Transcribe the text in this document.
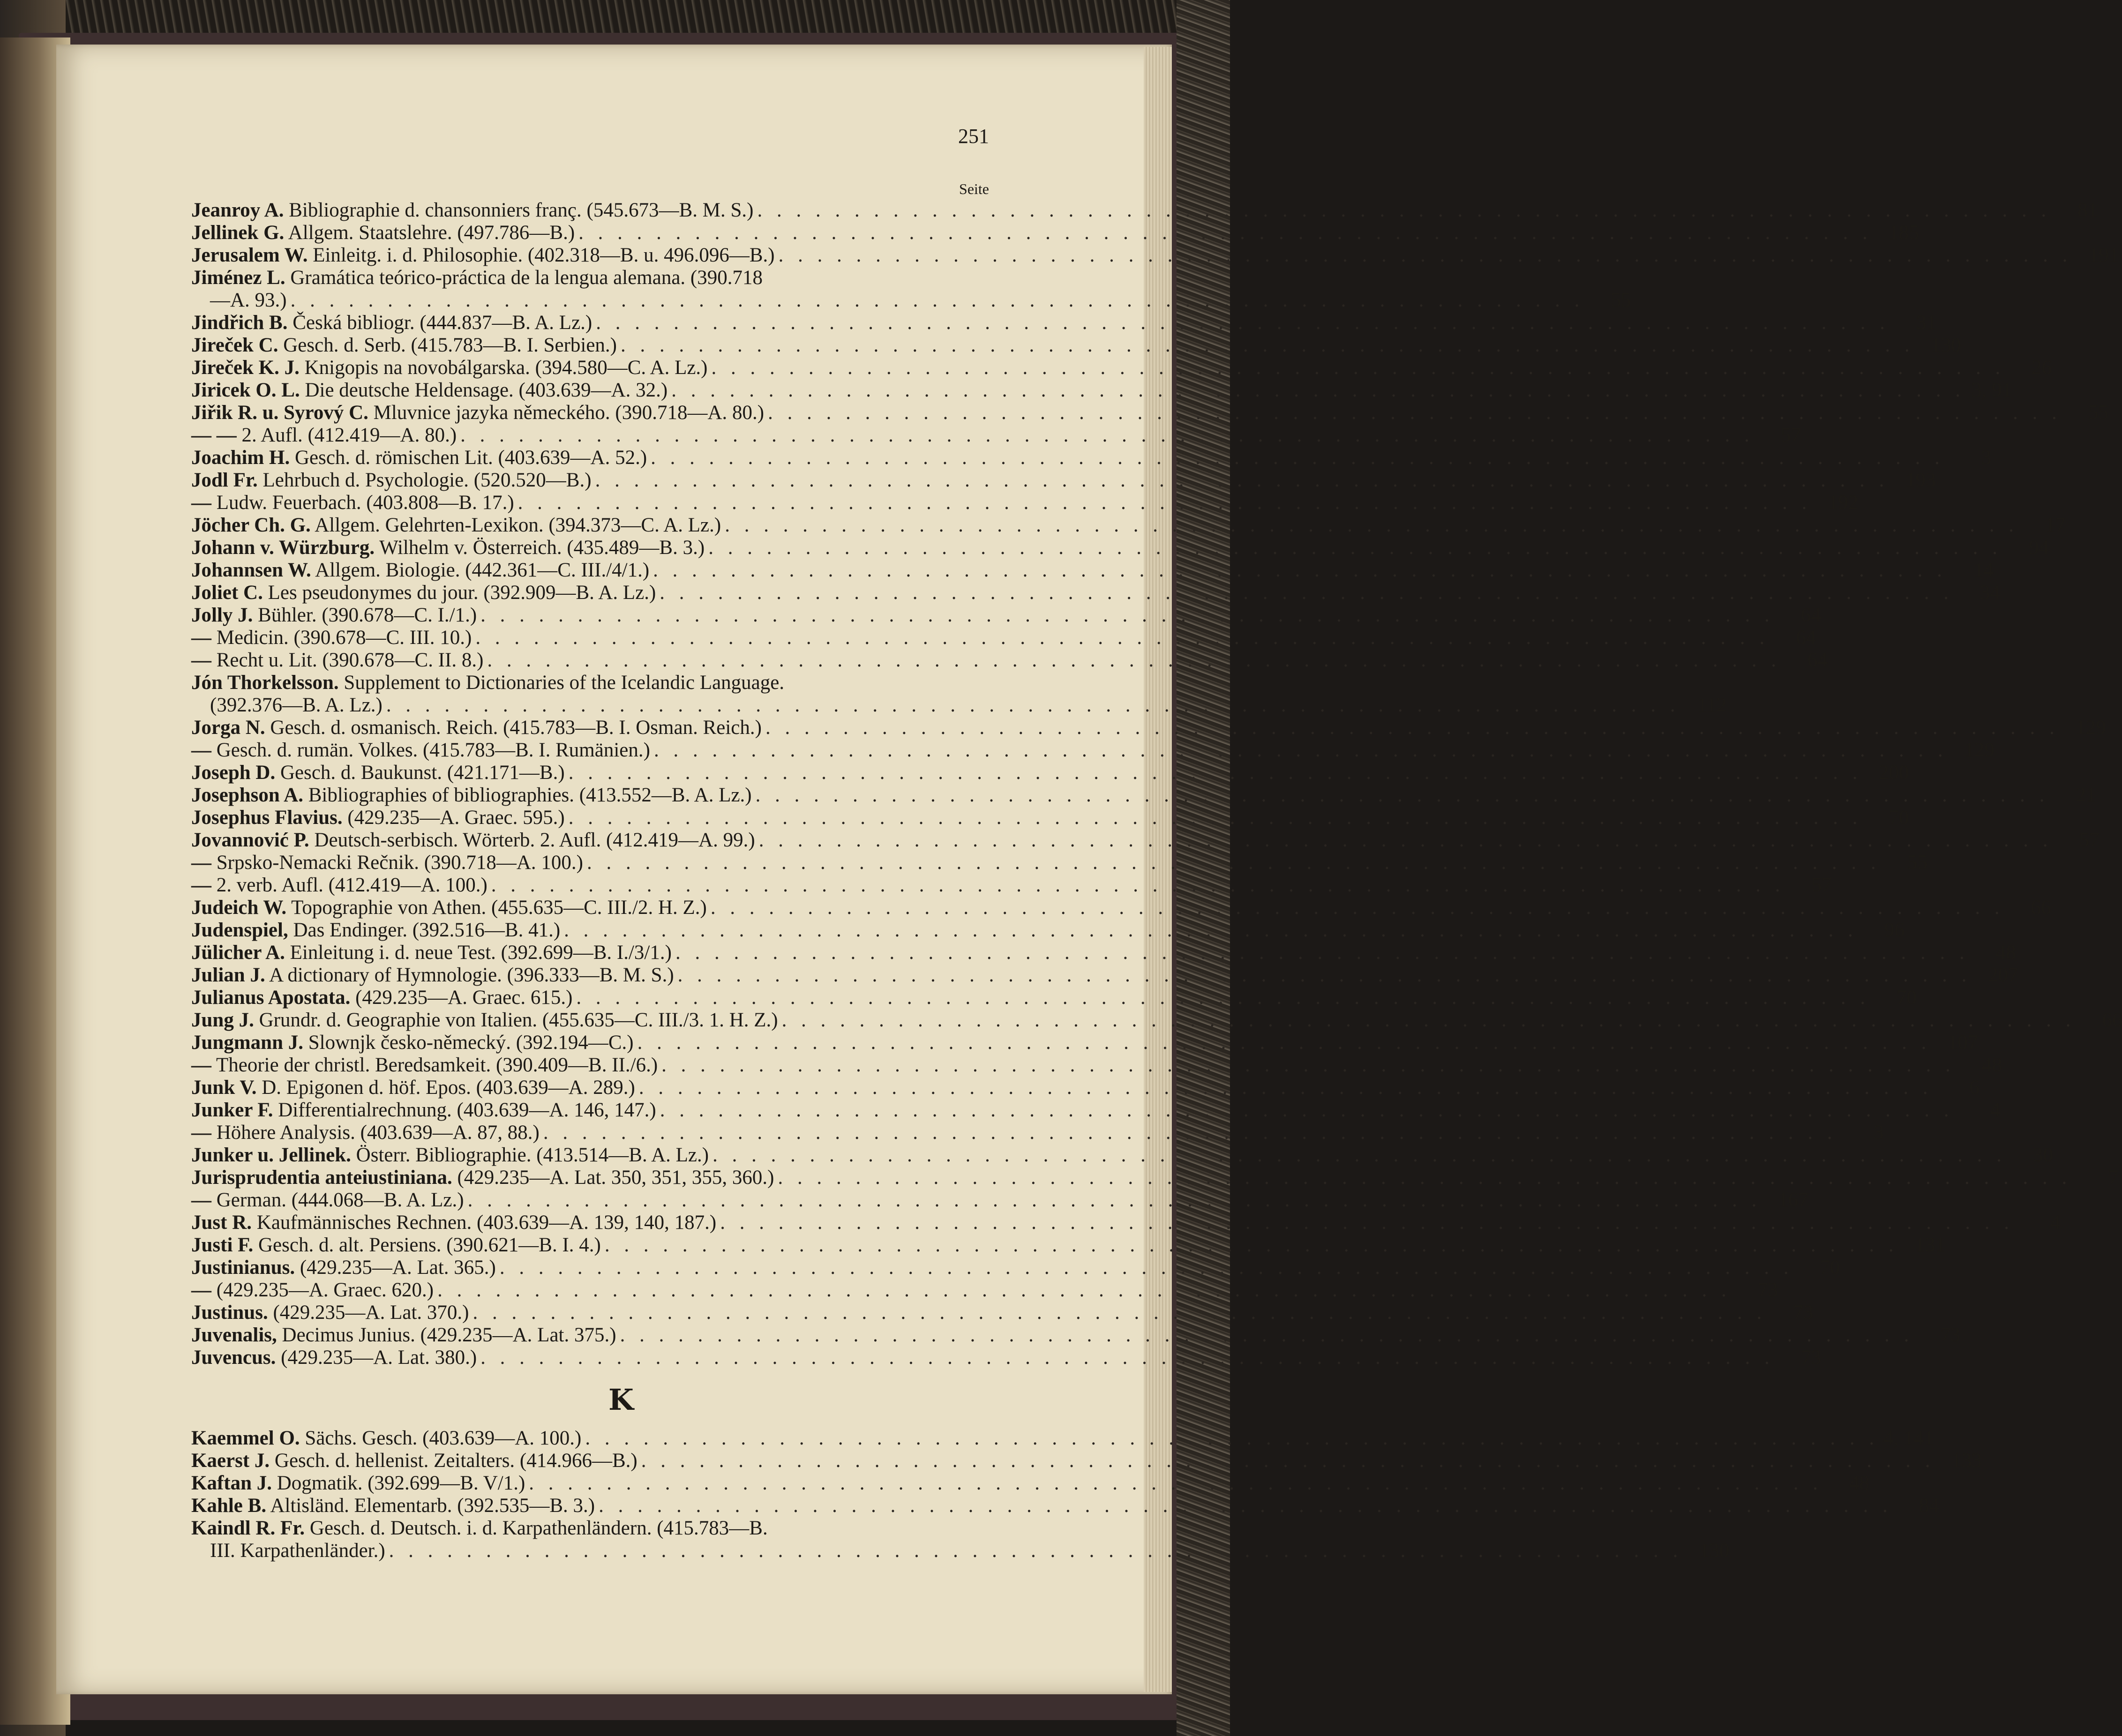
251
Seite
Jeanroy A. Bibliographie d. chansonniers franç. (545.673—B. M. S.) . . . . . . . . . . . . . . . . . . . . . . . . . . . . . . . . . . . . . . . . . . . . . . . . . . . . . . . . . . . . . . . . . . .	81
Jellinek G. Allgem. Staatslehre. (497.786—B.) . . . . . . . . . . . . . . . . . . . . . . . . . . . . . . . . . . . . . . . . . . . . . . . . . . . . . . . . . . . . . . . . . . . 185
Jerusalem W. Einleitg. i. d. Philosophie. (402.318—B. u. 496.096—B.) . . . . . . . . . . . . . . . . . . . . . . . . . . . . . . . . . . . . . . . . . . . . . . . . . . . . . . . . . . . . . . . . . . . 191
Jiménez L. Gramática teórico-práctica de la lengua alemana. (390.718
—A. 93.) . . . . . . . . . . . . . . . . . . . . . . . . . . . . . . . . . . . . . . . . . . . . . . . . . . . . . . . . . . . . . . . . . . .	55
Jindřich B. Česká bibliogr. (444.837—B. A. Lz.) . . . . . . . . . . . . . . . . . . . . . . . . . . . . . . . . . . . . . . . . . . . . . . . . . . . . . . . . . . . . . . . . . . .	31
Jireček C. Gesch. d. Serb. (415.783—B. I. Serbien.) . . . . . . . . . . . . . . . . . . . . . . . . . . . . . . . . . . . . . . . . . . . . . . . . . . . . . . . . . . . . . . . . . . . 130
Jireček K. J. Knigopis na novobálgarska. (394.580—C. A. Lz.) . . . . . . . . . . . . . . . . . . . . . . . . . . . . . . . . . . . . . . . . . . . . . . . . . . . . . . . . . . . . . . . . . . .	26
Jiricek O. L. Die deutsche Heldensage. (403.639—A. 32.) . . . . . . . . . . . . . . . . . . . . . . . . . . . . . . . . . . . . . . . . . . . . . . . . . . . . . . . . . . . . . . . . . . . 3, 91
Jiřik R. u. Syrový C. Mluvnice jazyka německého. (390.718—A. 80.) . . . . . . . . . . . . . . . . . . . . . . . . . . . . . . . . . . . . . . . . . . . . . . . . . . . . . . . . . . . . . . . . . . .	55
— — 2. Aufl. (412.419—A. 80.) . . . . . . . . . . . . . . . . . . . . . . . . . . . . . . . . . . . . . . . . . . . . . . . . . . . . . . . . . . . . . . . . . . .	57
Joachim H. Gesch. d. römischen Lit. (403.639—A. 52.) . . . . . . . . . . . . . . . . . . . . . . . . . . . . . . . . . . . . . . . . . . . . . . . . . . . . . . . . . . . . . . . . . . .	3
Jodl Fr. Lehrbuch d. Psychologie. (520.520—B.) . . . . . . . . . . . . . . . . . . . . . . . . . . . . . . . . . . . . . . . . . . . . . . . . . . . . . . . . . . . . . . . . . . . 193
— Ludw. Feuerbach. (403.808—B. 17.) . . . . . . . . . . . . . . . . . . . . . . . . . . . . . . . . . . . . . . . . . . . . . . . . . . . . . . . . . . . . . . . . . . . 192
Jöcher Ch. G. Allgem. Gelehrten-Lexikon. (394.373—C. A. Lz.) . . . . . . . . . . . . . . . . . . . . . . . . . . . . . . . . . . . . . . . . . . . . . . . . . . . . . . . . . . . . . . . . . . .	17
Johann v. Würzburg. Wilhelm v. Österreich. (435.489—B. 3.) . . . . . . . . . . . . . . . . . . . . . . . . . . . . . . . . . . . . . . . . . . . . . . . . . . . . . . . . . . . . . . . . . . .	94
Johannsen W. Allgem. Biologie. (442.361—C. III./4/1.) . . . . . . . . . . . . . . . . . . . . . . . . . . . . . . . . . . . . . . . . . . . . . . . . . . . . . . . . . . . . . . . . . . .	14
Joliet C. Les pseudonymes du jour. (392.909—B. A. Lz.) . . . . . . . . . . . . . . . . . . . . . . . . . . . . . . . . . . . . . . . . . . . . . . . . . . . . . . . . . . . . . . . . . . .	34
Jolly J. Bühler. (390.678—C. I./1.) . . . . . . . . . . . . . . . . . . . . . . . . . . . . . . . . . . . . . . . . . . . . . . . . . . . . . . . . . . . . . . . . . . .	64
— Medicin. (390.678—C. III. 10.) . . . . . . . . . . . . . . . . . . . . . . . . . . . . . . . . . . . . . . . . . . . . . . . . . . . . . . . . . . . . . . . . . . .	64
— Recht u. Lit. (390.678—C. II. 8.) . . . . . . . . . . . . . . . . . . . . . . . . . . . . . . . . . . . . . . . . . . . . . . . . . . . . . . . . . . . . . . . . . . .	64
Jón Thorkelsson. Supplement to Dictionaries of the Icelandic Language.
(392.376—B. A. Lz.) . . . . . . . . . . . . . . . . . . . . . . . . . . . . . . . . . . . . . . . . . . . . . . . . . . . . . . . . . . . . . . . . . . . 112
Jorga N. Gesch. d. osmanisch. Reich. (415.783—B. I. Osman. Reich.) . . . . . . . . . . . . . . . . . . . . . . . . . . . . . . . . . . . . . . . . . . . . . . . . . . . . . . . . . . . . . . . . . . . 129
— Gesch. d. rumän. Volkes. (415.783—B. I. Rumänien.) . . . . . . . . . . . . . . . . . . . . . . . . . . . . . . . . . . . . . . . . . . . . . . . . . . . . . . . . . . . . . . . . . . . 129
Joseph D. Gesch. d. Baukunst. (421.171—B.) . . . . . . . . . . . . . . . . . . . . . . . . . . . . . . . . . . . . . . . . . . . . . . . . . . . . . . . . . . . . . . . . . . . 200
Josephson A. Bibliographies of bibliographies. (413.552—B. A. Lz.) . . . . . . . . . . . . . . . . . . . . . . . . . . . . . . . . . . . . . . . . . . . . . . . . . . . . . . . . . . . . . . . . . . .	21
Josephus Flavius. (429.235—A. Graec. 595.) . . . . . . . . . . . . . . . . . . . . . . . . . . . . . . . . . . . . . . . . . . . . . . . . . . . . . . . . . . . . . . . . . . .	70
Jovannović P. Deutsch-serbisch. Wörterb. 2. Aufl. (412.419—A. 99.) . . . . . . . . . . . . . . . . . . . . . . . . . . . . . . . . . . . . . . . . . . . . . . . . . . . . . . . . . . . . . . . . . . .	57
— Srpsko-Nemacki Rečnik. (390.718—A. 100.) . . . . . . . . . . . . . . . . . . . . . . . . . . . . . . . . . . . . . . . . . . . . . . . . . . . . . . . . . . . . . . . . . . .	55
— 2. verb. Aufl. (412.419—A. 100.) . . . . . . . . . . . . . . . . . . . . . . . . . . . . . . . . . . . . . . . . . . . . . . . . . . . . . . . . . . . . . . . . . . .	57
Judeich W. Topographie von Athen. (455.635—C. III./2. H. Z.) . . . . . . . . . . . . . . . . . . . . . . . . . . . . . . . . . . . . . . . . . . . . . . . . . . . . . . . . . . . . . . . . . . .	66
Judenspiel, Das Endinger. (392.516—B. 41.) . . . . . . . . . . . . . . . . . . . . . . . . . . . . . . . . . . . . . . . . . . . . . . . . . . . . . . . . . . . . . . . . . . .	96
Jülicher A. Einleitung i. d. neue Test. (392.699—B. I./3/1.) . . . . . . . . . . . . . . . . . . . . . . . . . . . . . . . . . . . . . . . . . . . . . . . . . . . . . . . . . . . . . . . . . . .	48
Julian J. A dictionary of Hymnologie. (396.333—B. M. S.) . . . . . . . . . . . . . . . . . . . . . . . . . . . . . . . . . . . . . . . . . . . . . . . . . . . . . . . . . . . . . . . . . . . 207
Julianus Apostata. (429.235—A. Graec. 615.) . . . . . . . . . . . . . . . . . . . . . . . . . . . . . . . . . . . . . . . . . . . . . . . . . . . . . . . . . . . . . . . . . . .	70
Jung J. Grundr. d. Geographie von Italien. (455.635—C. III./3. 1. H. Z.) . . . . . . . . . . . . . . . . . . . . . . . . . . . . . . . . . . . . . . . . . . . . . . . . . . . . . . . . . . . . . . . . . . .	66
Jungmann J. Slownjk česko-německý. (392.194—C.) . . . . . . . . . . . . . . . . . . . . . . . . . . . . . . . . . . . . . . . . . . . . . . . . . . . . . . . . . . . . . . . . . . . 107
— Theorie der christl. Beredsamkeit. (390.409—B. II./6.) . . . . . . . . . . . . . . . . . . . . . . . . . . . . . . . . . . . . . . . . . . . . . . . . . . . . . . . . . . . . . . . . . . .	48
Junk V. D. Epigonen d. höf. Epos. (403.639—A. 289.) . . . . . . . . . . . . . . . . . . . . . . . . . . . . . . . . . . . . . . . . . . . . . . . . . . . . . . . . . . . . . . . . . . .	6
Junker F. Differentialrechnung. (403.639—A. 146, 147.) . . . . . . . . . . . . . . . . . . . . . . . . . . . . . . . . . . . . . . . . . . . . . . . . . . . . . . . . . . . . . . . . . . .	4
— Höhere Analysis. (403.639—A. 87, 88.) . . . . . . . . . . . . . . . . . . . . . . . . . . . . . . . . . . . . . . . . . . . . . . . . . . . . . . . . . . . . . . . . . . .	3
Junker u. Jellinek. Österr. Bibliographie. (413.514—B. A. Lz.) . . . . . . . . . . . . . . . . . . . . . . . . . . . . . . . . . . . . . . . . . . . . . . . . . . . . . . . . . . . . . . . . . . .	30
Jurisprudentia anteiustiniana. (429.235—A. Lat. 350, 351, 355, 360.) . . . . . . . . . . . . . . . . . . . . . . . . . . . . . . . . . . . . . . . . . . . . . . . . . . . . . . . . . . . . . . . . . . .	7
— German. (444.068—B. A. Lz.) . . . . . . . . . . . . . . . . . . . . . . . . . . . . . . . . . . . . . . . . . . . . . . . . . . . . . . . . . . . . . . . . . . . 167
Just R. Kaufmännisches Rechnen. (403.639—A. 139, 140, 187.) . . . . . . . . . . . . . . . . . . . . . . . . . . . . . . . . . . . . . . . . . . . . . . . . . . . . . . . . . . . . . . . . . . .	4
Justi F. Gesch. d. alt. Persiens. (390.621—B. I. 4.) . . . . . . . . . . . . . . . . . . . . . . . . . . . . . . . . . . . . . . . . . . . . . . . . . . . . . . . . . . . . . . . . . . . 131
Justinianus. (429.235—A. Lat. 365.) . . . . . . . . . . . . . . . . . . . . . . . . . . . . . . . . . . . . . . . . . . . . . . . . . . . . . . . . . . . . . . . . . . .	70
— (429.235—A. Graec. 620.) . . . . . . . . . . . . . . . . . . . . . . . . . . . . . . . . . . . . . . . . . . . . . . . . . . . . . . . . . . . . . . . . . . .	73
Justinus. (429.235—A. Lat. 370.) . . . . . . . . . . . . . . . . . . . . . . . . . . . . . . . . . . . . . . . . . . . . . . . . . . . . . . . . . . . . . . . . . . .	73
Juvenalis, Decimus Junius. (429.235—A. Lat. 375.) . . . . . . . . . . . . . . . . . . . . . . . . . . . . . . . . . . . . . . . . . . . . . . . . . . . . . . . . . . . . . . . . . . .	73
Juvencus. (429.235—A. Lat. 380.) . . . . . . . . . . . . . . . . . . . . . . . . . . . . . . . . . . . . . . . . . . . . . . . . . . . . . . . . . . . . . . . . . . .	73
K
Kaemmel O. Sächs. Gesch. (403.639—A. 100.) . . . . . . . . . . . . . . . . . . . . . . . . . . . . . . . . . . . . . . . . . . . . . . . . . . . . . . . . . . . . . . . . . . . 4, 141
Kaerst J. Gesch. d. hellenist. Zeitalters. (414.966—B.) . . . . . . . . . . . . . . . . . . . . . . . . . . . . . . . . . . . . . . . . . . . . . . . . . . . . . . . . . . . . . . . . . . . 133
Kaftan J. Dogmatik. (392.699—B. V/1.) . . . . . . . . . . . . . . . . . . . . . . . . . . . . . . . . . . . . . . . . . . . . . . . . . . . . . . . . . . . . . . . . . . .	48
Kahle B. Altisländ. Elementarb. (392.535—B. 3.) . . . . . . . . . . . . . . . . . . . . . . . . . . . . . . . . . . . . . . . . . . . . . . . . . . . . . . . . . . . . . . . . . . .	84
Kaindl R. Fr. Gesch. d. Deutsch. i. d. Karpathenländern. (415.783—B.
III. Karpathenländer.) . . . . . . . . . . . . . . . . . . . . . . . . . . . . . . . . . . . . . . . . . . . . . . . . . . . . . . . . . . . . . . . . . . . 130
